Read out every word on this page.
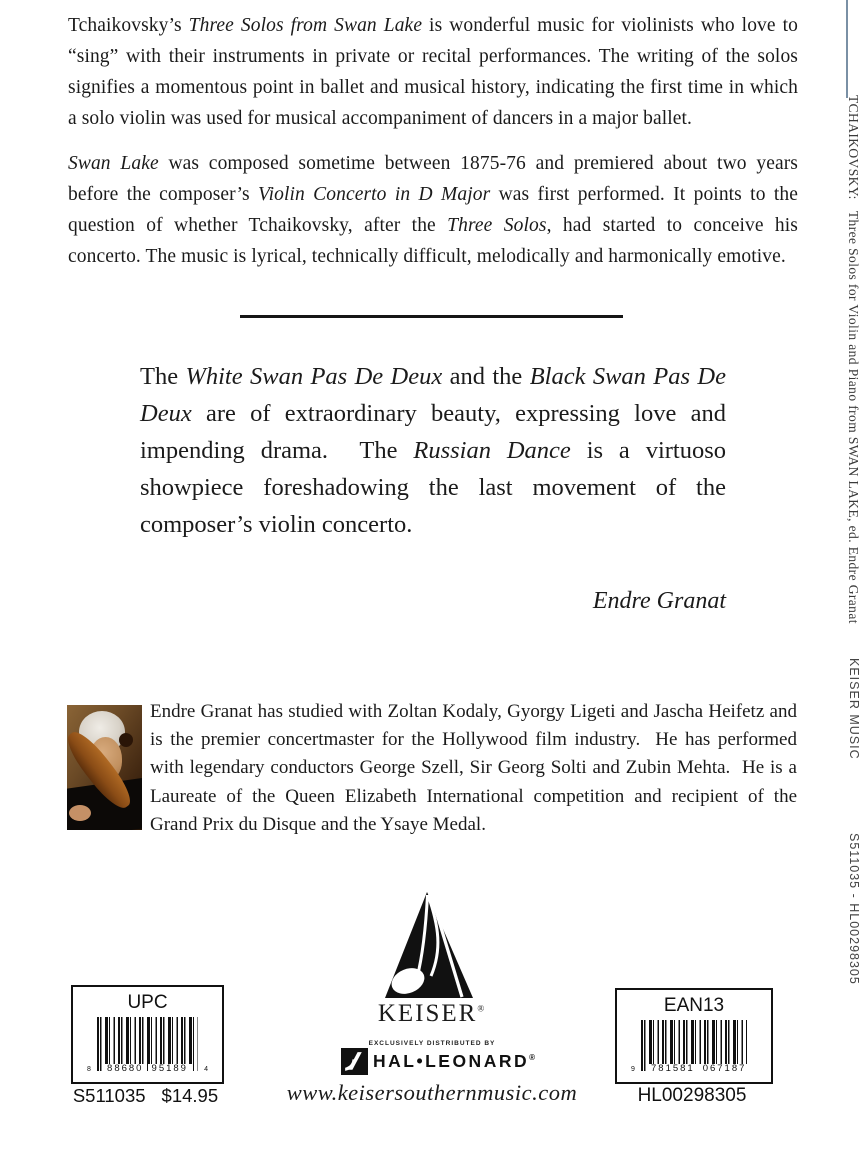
Tchaikovsky’s Three Solos from Swan Lake is wonderful music for violinists who love to “sing” with their instruments in private or recital performances. The writing of the solos signifies a momentous point in ballet and musical history, indicating the first time in which a solo violin was used for musical accompaniment of dancers in a major ballet.
Swan Lake was composed sometime between 1875-76 and premiered about two years before the composer’s Violin Concerto in D Major was first performed. It points to the question of whether Tchaikovsky, after the Three Solos, had started to conceive his concerto. The music is lyrical, technically difficult, melodically and harmonically emotive.
The White Swan Pas De Deux and the Black Swan Pas De Deux are of extraordinary beauty, expressing love and impending drama.  The Russian Dance is a virtuoso showpiece foreshadowing the last movement of the composer’s violin concerto.
Endre Granat
Endre Granat has studied with Zoltan Kodaly, Gyorgy Ligeti and Jascha Heifetz and is the premier concertmaster for the Hollywood film industry.  He has performed with legendary conductors George Szell, Sir Georg Solti and Zubin Mehta.  He is a Laureate of the Queen Elizabeth International competition and recipient of the Grand Prix du Disque and the Ysaye Medal.
KEISER®
EXCLUSIVELY DISTRIBUTED BY
HAL•LEONARD®
www.keisersouthernmusic.com
UPC
8	88680 95189	4
S511035 $14.95
EAN13
9	781581 067187
HL00298305
TCHAIKOVSKY:   Three Solos for Violin and Piano from SWAN LAKE, ed. Endre Granat
KEISER MUSIC
S511035 - HL00298305
